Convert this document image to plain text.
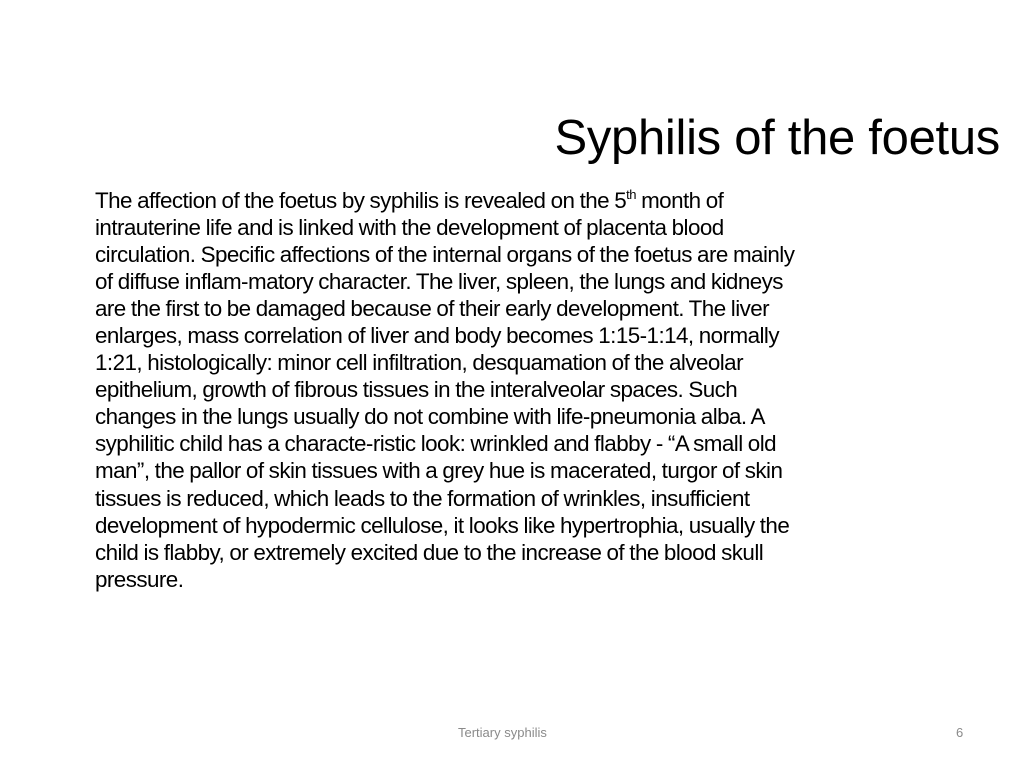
Syphilis of the foetus
The affection of the foetus by syphilis is revealed on the 5th month of
intrauterine life and is linked with the development of placenta blood
circulation. Specific affections of the internal organs of the foetus are mainly
of diffuse inflam-matory character. The liver, spleen, the lungs and kidneys
are the first to be damaged because of their early development. The liver
enlarges, mass correlation of liver and body becomes 1:15-1:14, normally
1:21, histologically: minor cell infiltration, desquamation of the alveolar
epithelium, growth of fibrous tissues in the interalveolar spaces. Such
changes in the lungs usually do not combine with life-pneumonia alba. A
syphilitic child has a characte-ristic look: wrinkled and flabby - “A small old
man”, the pallor of skin tissues with a grey hue is macerated, turgor of skin
tissues is reduced, which leads to the formation of wrinkles, insufficient
development of hypodermic cellulose, it looks like hypertrophia, usually the
child is flabby, or extremely excited due to the increase of the blood skull
pressure.
Tertiary syphilis	6
